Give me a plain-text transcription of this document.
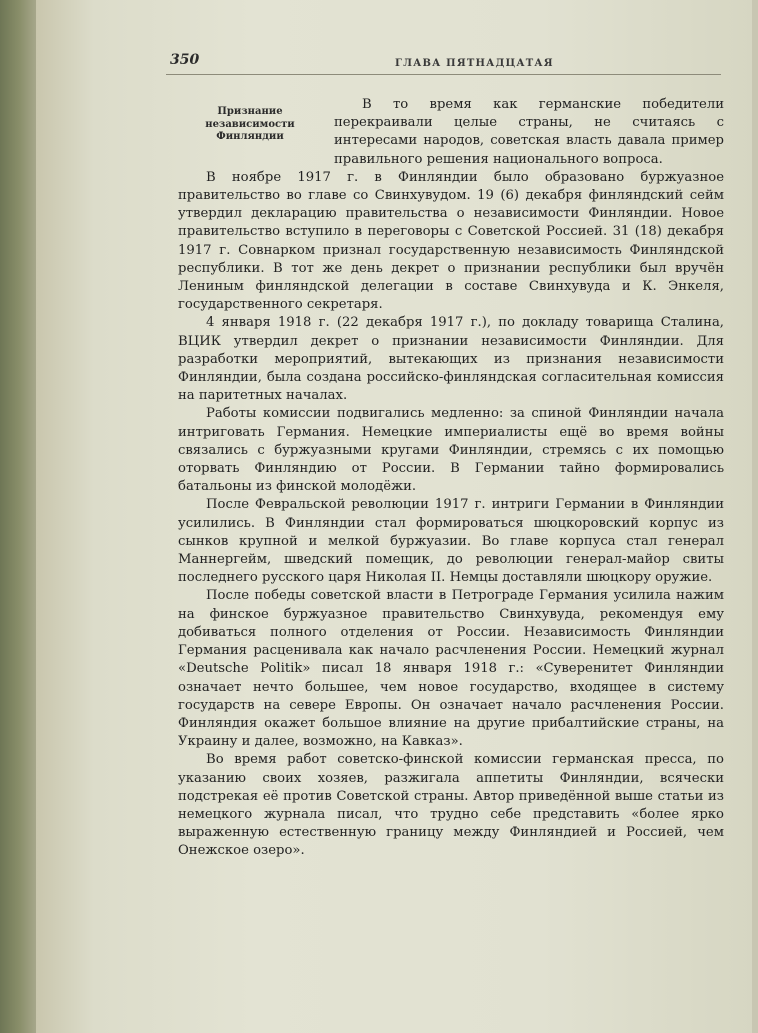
350	ГЛАВА ПЯТНАДЦАТАЯ
Признание независимости Финляндии

В то время как германские победители перекраивали целые страны, не считаясь с интересами народов, советская власть давала пример правильного решения национального вопроса.

В ноябре 1917 г. в Финляндии было образовано буржуазное правительство во главе со Свинхувудом. 19 (6) декабря финляндский сейм утвердил декларацию правительства о независимости Финляндии. Новое правительство вступило в переговоры с Советской Россией. 31 (18) декабря 1917 г. Совнарком признал государственную независимость Финляндской республики. В тот же день декрет о признании республики был вручён Лениным финляндской делегации в составе Свинхувуда и К. Энкеля, государственного секретаря.

4 января 1918 г. (22 декабря 1917 г.), по докладу товарища Сталина, ВЦИК утвердил декрет о признании независимости Финляндии. Для разработки мероприятий, вытекающих из признания независимости Финляндии, была создана российско-финляндская согласительная комиссия на паритетных началах.

Работы комиссии подвигались медленно: за спиной Финляндии начала интриговать Германия. Немецкие империалисты ещё во время войны связались с буржуазными кругами Финляндии, стремясь с их помощью оторвать Финляндию от России. В Германии тайно формировались батальоны из финской молодёжи.

После Февральской революции 1917 г. интриги Германии в Финляндии усилились. В Финляндии стал формироваться шюцкоровский корпус из сынков крупной и мелкой буржуазии. Во главе корпуса стал генерал Маннергейм, шведский помещик, до революции генерал-майор свиты последнего русского царя Николая II. Немцы доставляли шюцкору оружие.

После победы советской власти в Петрограде Германия усилила нажим на финское буржуазное правительство Свинхувуда, рекомендуя ему добиваться полного отделения от России. Независимость Финляндии Германия расценивала как начало расчленения России. Немецкий журнал «Deutsche Politik» писал 18 января 1918 г.: «Суверенитет Финляндии означает нечто большее, чем новое государство, входящее в систему государств на севере Европы. Он означает начало расчленения России. Финляндия окажет большое влияние на другие прибалтийские страны, на Украину и далее, возможно, на Кавказ».

Во время работ советско-финской комиссии германская пресса, по указанию своих хозяев, разжигала аппетиты Финляндии, всячески подстрекая её против Советской страны. Автор приведённой выше статьи из немецкого журнала писал, что трудно себе представить «более ярко выраженную естественную границу между Финляндией и Россией, чем Онежское озеро».
